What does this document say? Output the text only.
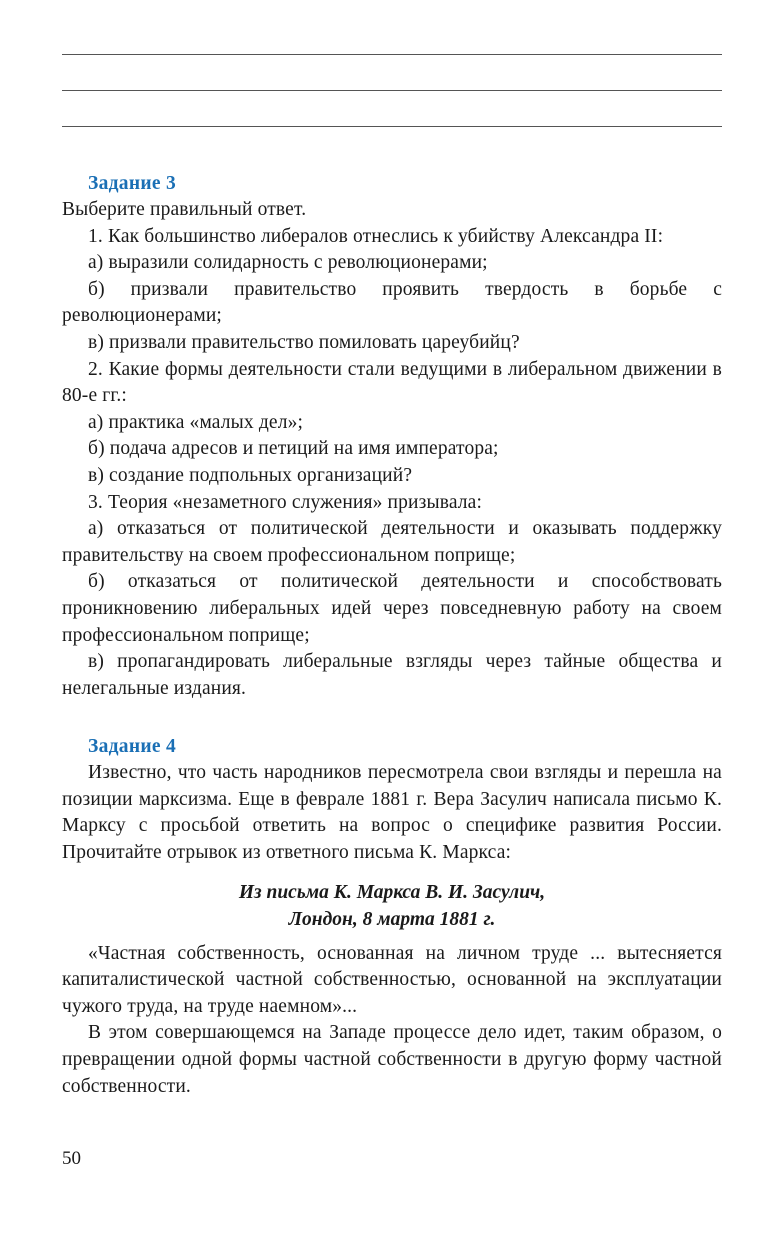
Задание 3

Выберите правильный ответ.

1. Как большинство либералов отнеслись к убийству Александра II:

а) выразили солидарность с революционерами;

б) призвали правительство проявить твердость в борьбе с революционерами;

в) призвали правительство помиловать цареубийц?

2. Какие формы деятельности стали ведущими в либеральном движении в 80-е гг.:

а) практика «малых дел»;

б) подача адресов и петиций на имя императора;

в) создание подпольных организаций?

3. Теория «незаметного служения» призывала:

а) отказаться от политической деятельности и оказывать поддержку правительству на своем профессиональном поприще;

б) отказаться от политической деятельности и способствовать проникновению либеральных идей через повседневную работу на своем профессиональном поприще;

в) пропагандировать либеральные взгляды через тайные общества и нелегальные издания.

Задание 4

Известно, что часть народников пересмотрела свои взгляды и перешла на позиции марксизма. Еще в феврале 1881 г. Вера Засулич написала письмо К. Марксу с просьбой ответить на вопрос о специфике развития России. Прочитайте отрывок из ответного письма К. Маркса:

Из письма К. Маркса В. И. Засулич,
Лондон, 8 марта 1881 г.

«Частная собственность, основанная на личном труде ... вытесняется капиталистической частной собственностью, основанной на эксплуатации чужого труда, на труде наемном»...

В этом совершающемся на Западе процессе дело идет, таким образом, о превращении одной формы частной собственности в другую форму частной собственности.

50
